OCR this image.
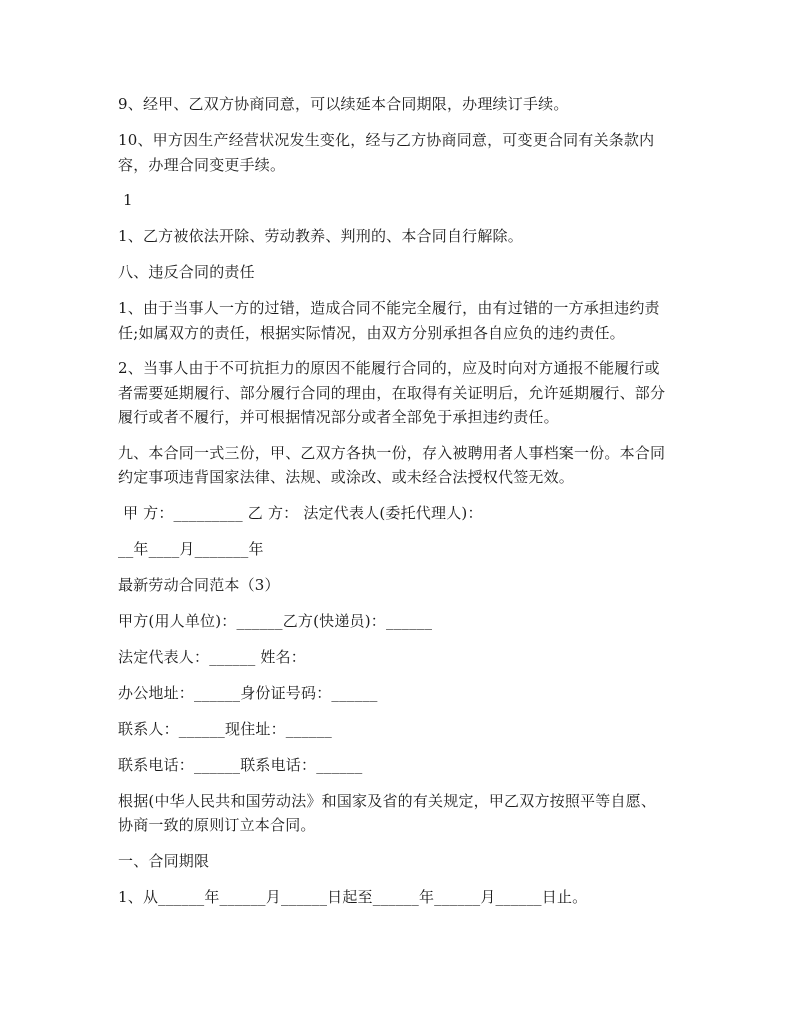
9、经甲、乙双方协商同意，可以续延本合同期限，办理续订手续。

10、甲方因生产经营状况发生变化，经与乙方协商同意，可变更合同有关条款内

容，办理合同变更手续。

1

1、乙方被依法开除、劳动教养、判刑的、本合同自行解除。

八、违反合同的责任

1、由于当事人一方的过错，造成合同不能完全履行，由有过错的一方承担违约责

任;如属双方的责任，根据实际情况，由双方分别承担各自应负的违约责任。

2、当事人由于不可抗拒力的原因不能履行合同的，应及时向对方通报不能履行或

者需要延期履行、部分履行合同的理由，在取得有关证明后，允许延期履行、部分

履行或者不履行，并可根据情况部分或者全部免于承担违约责任。

九、本合同一式三份，甲、乙双方各执一份，存入被聘用者人事档案一份。本合同

约定事项违背国家法律、法规、或涂改、或未经合法授权代签无效。

甲 方：_________ 乙 方： 法定代表人(委托代理人)：

__年____月_______年

最新劳动合同范本（3）

甲方(用人单位)：______乙方(快递员)：______

法定代表人：______ 姓名：

办公地址：______身份证号码：______

联系人：______现住址：______

联系电话：______联系电话：______

根据(中华人民共和国劳动法》和国家及省的有关规定，甲乙双方按照平等自愿、

协商一致的原则订立本合同。

一、合同期限

1、从______年______月______日起至______年______月______日止。
